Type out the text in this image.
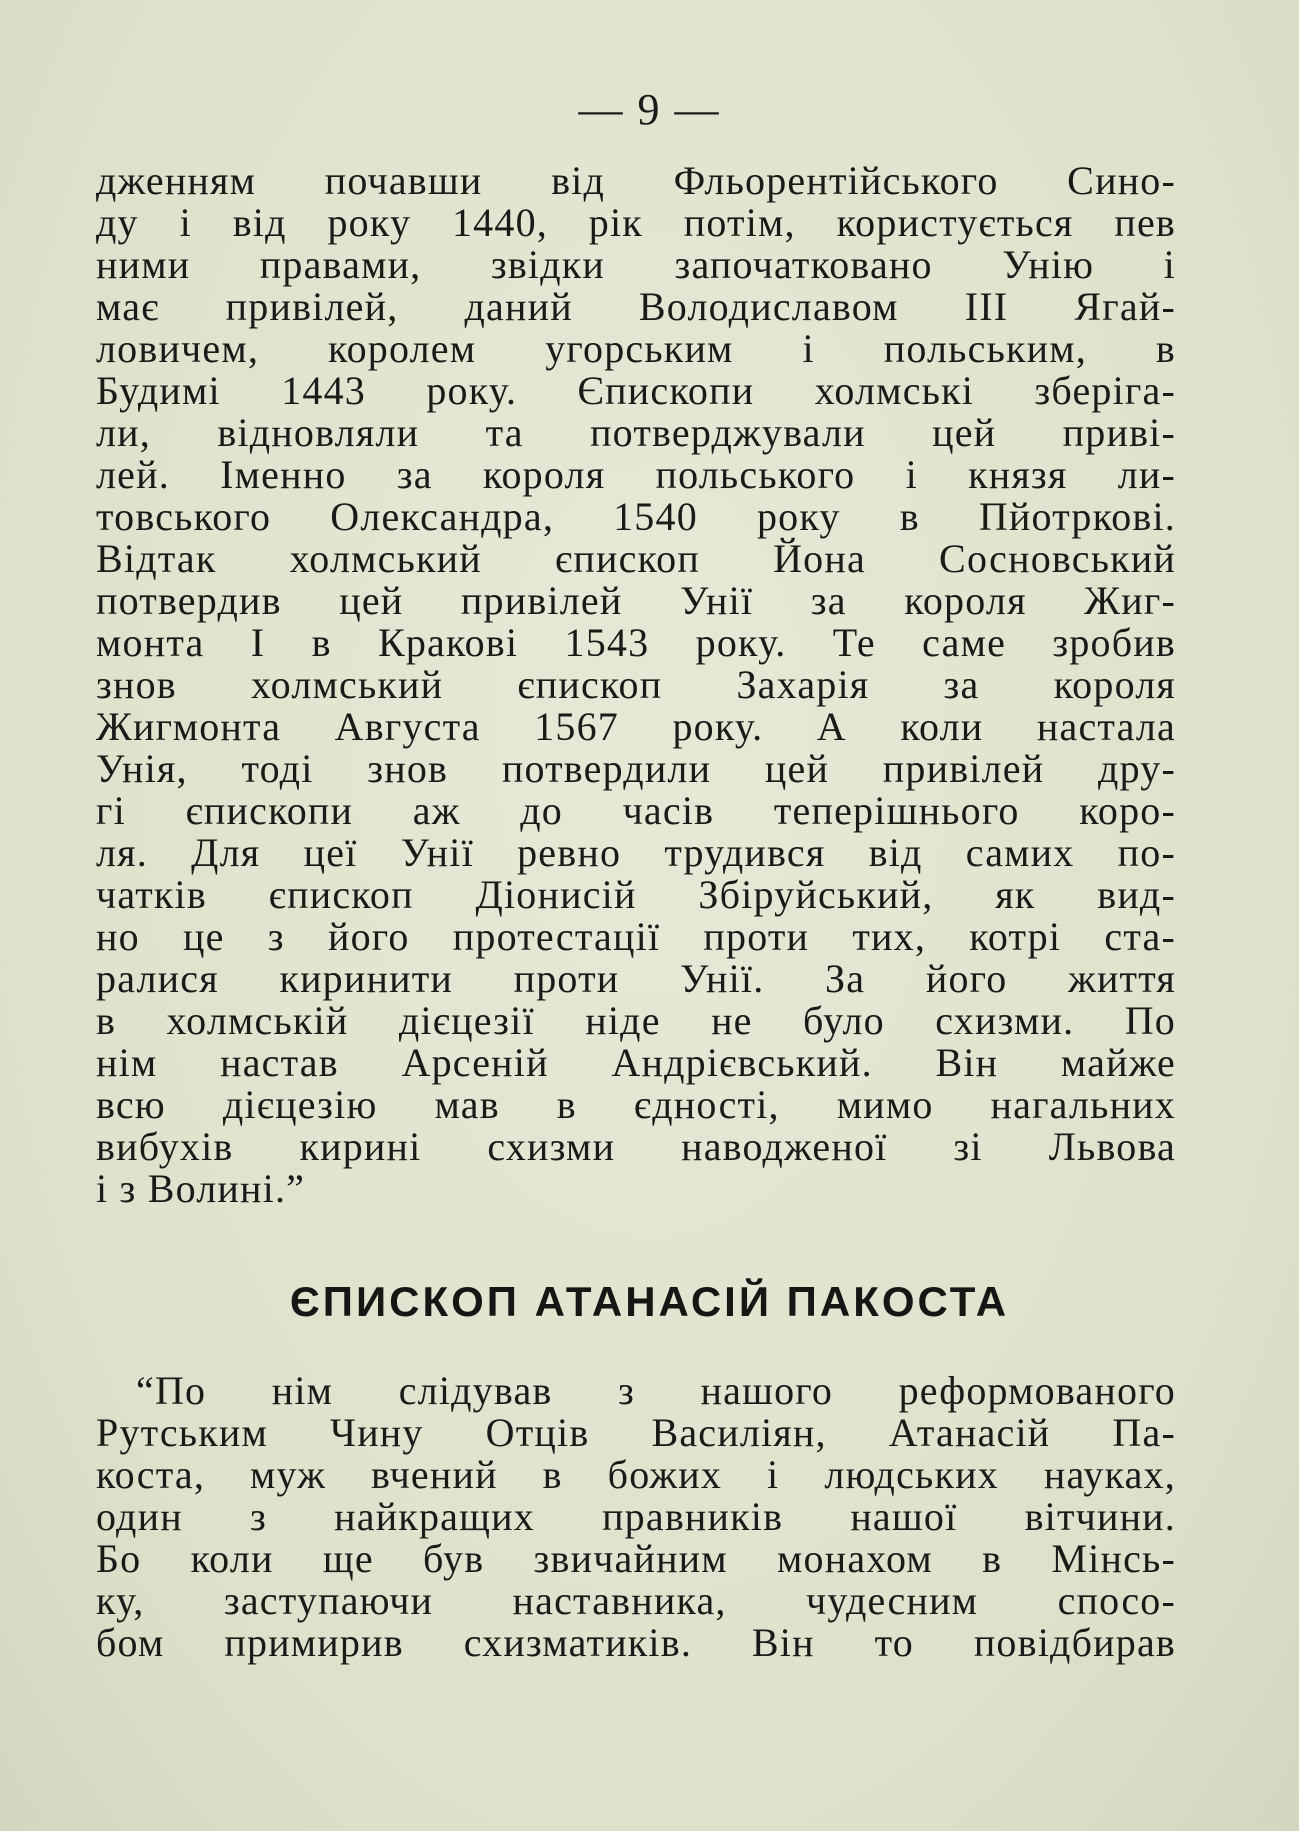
— 9 —
дженням почавши від Фльорентійського Сино-
ду і від року 1440, рік потім, користується пев
ними правами, звідки започатковано Унію і
має привілей, даний Володиславом III Ягай-
ловичем, королем угорським і польським, в
Будимі 1443 року. Єпископи холмські зберіга-
ли, відновляли та потверджували цей приві-
лей. Іменно за короля польського і князя ли-
товського Олександра, 1540 року в Пйотркові.
Відтак холмський єпископ Йона Сосновський
потвердив цей привілей Унії за короля Жиг-
монта І в Кракові 1543 року. Те саме зробив
знов холмський єпископ Захарія за короля
Жигмонта Августа 1567 року. А коли настала
Унія, тоді знов потвердили цей привілей дру-
гі єпископи аж до часів теперішнього коро-
ля. Для цеї Унії ревно трудився від самих по-
чатків єпископ Діонисій Збіруйський, як вид-
но це з його протестації проти тих, котрі ста-
ралися киринити проти Унії. За його життя
в холмській дієцезії ніде не було схизми. По
нім настав Арсеній Андрієвський. Він майже
всю дієцезію мав в єдності, мимо нагальних
вибухів кирині схизми наводженої зі Львова
і з Волині.”
ЄПИСКОП АТАНАСІЙ ПАКОСТА
“По нім слідував з нашого реформованого
Рутським Чину Отців Василіян, Атанасій Па-
коста, муж вчений в божих і людських науках,
один з найкращих правників нашої вітчини.
Бо коли ще був звичайним монахом в Мінсь-
ку, заступаючи наставника, чудесним спосо-
бом примирив схизматиків. Він то повідбирав
